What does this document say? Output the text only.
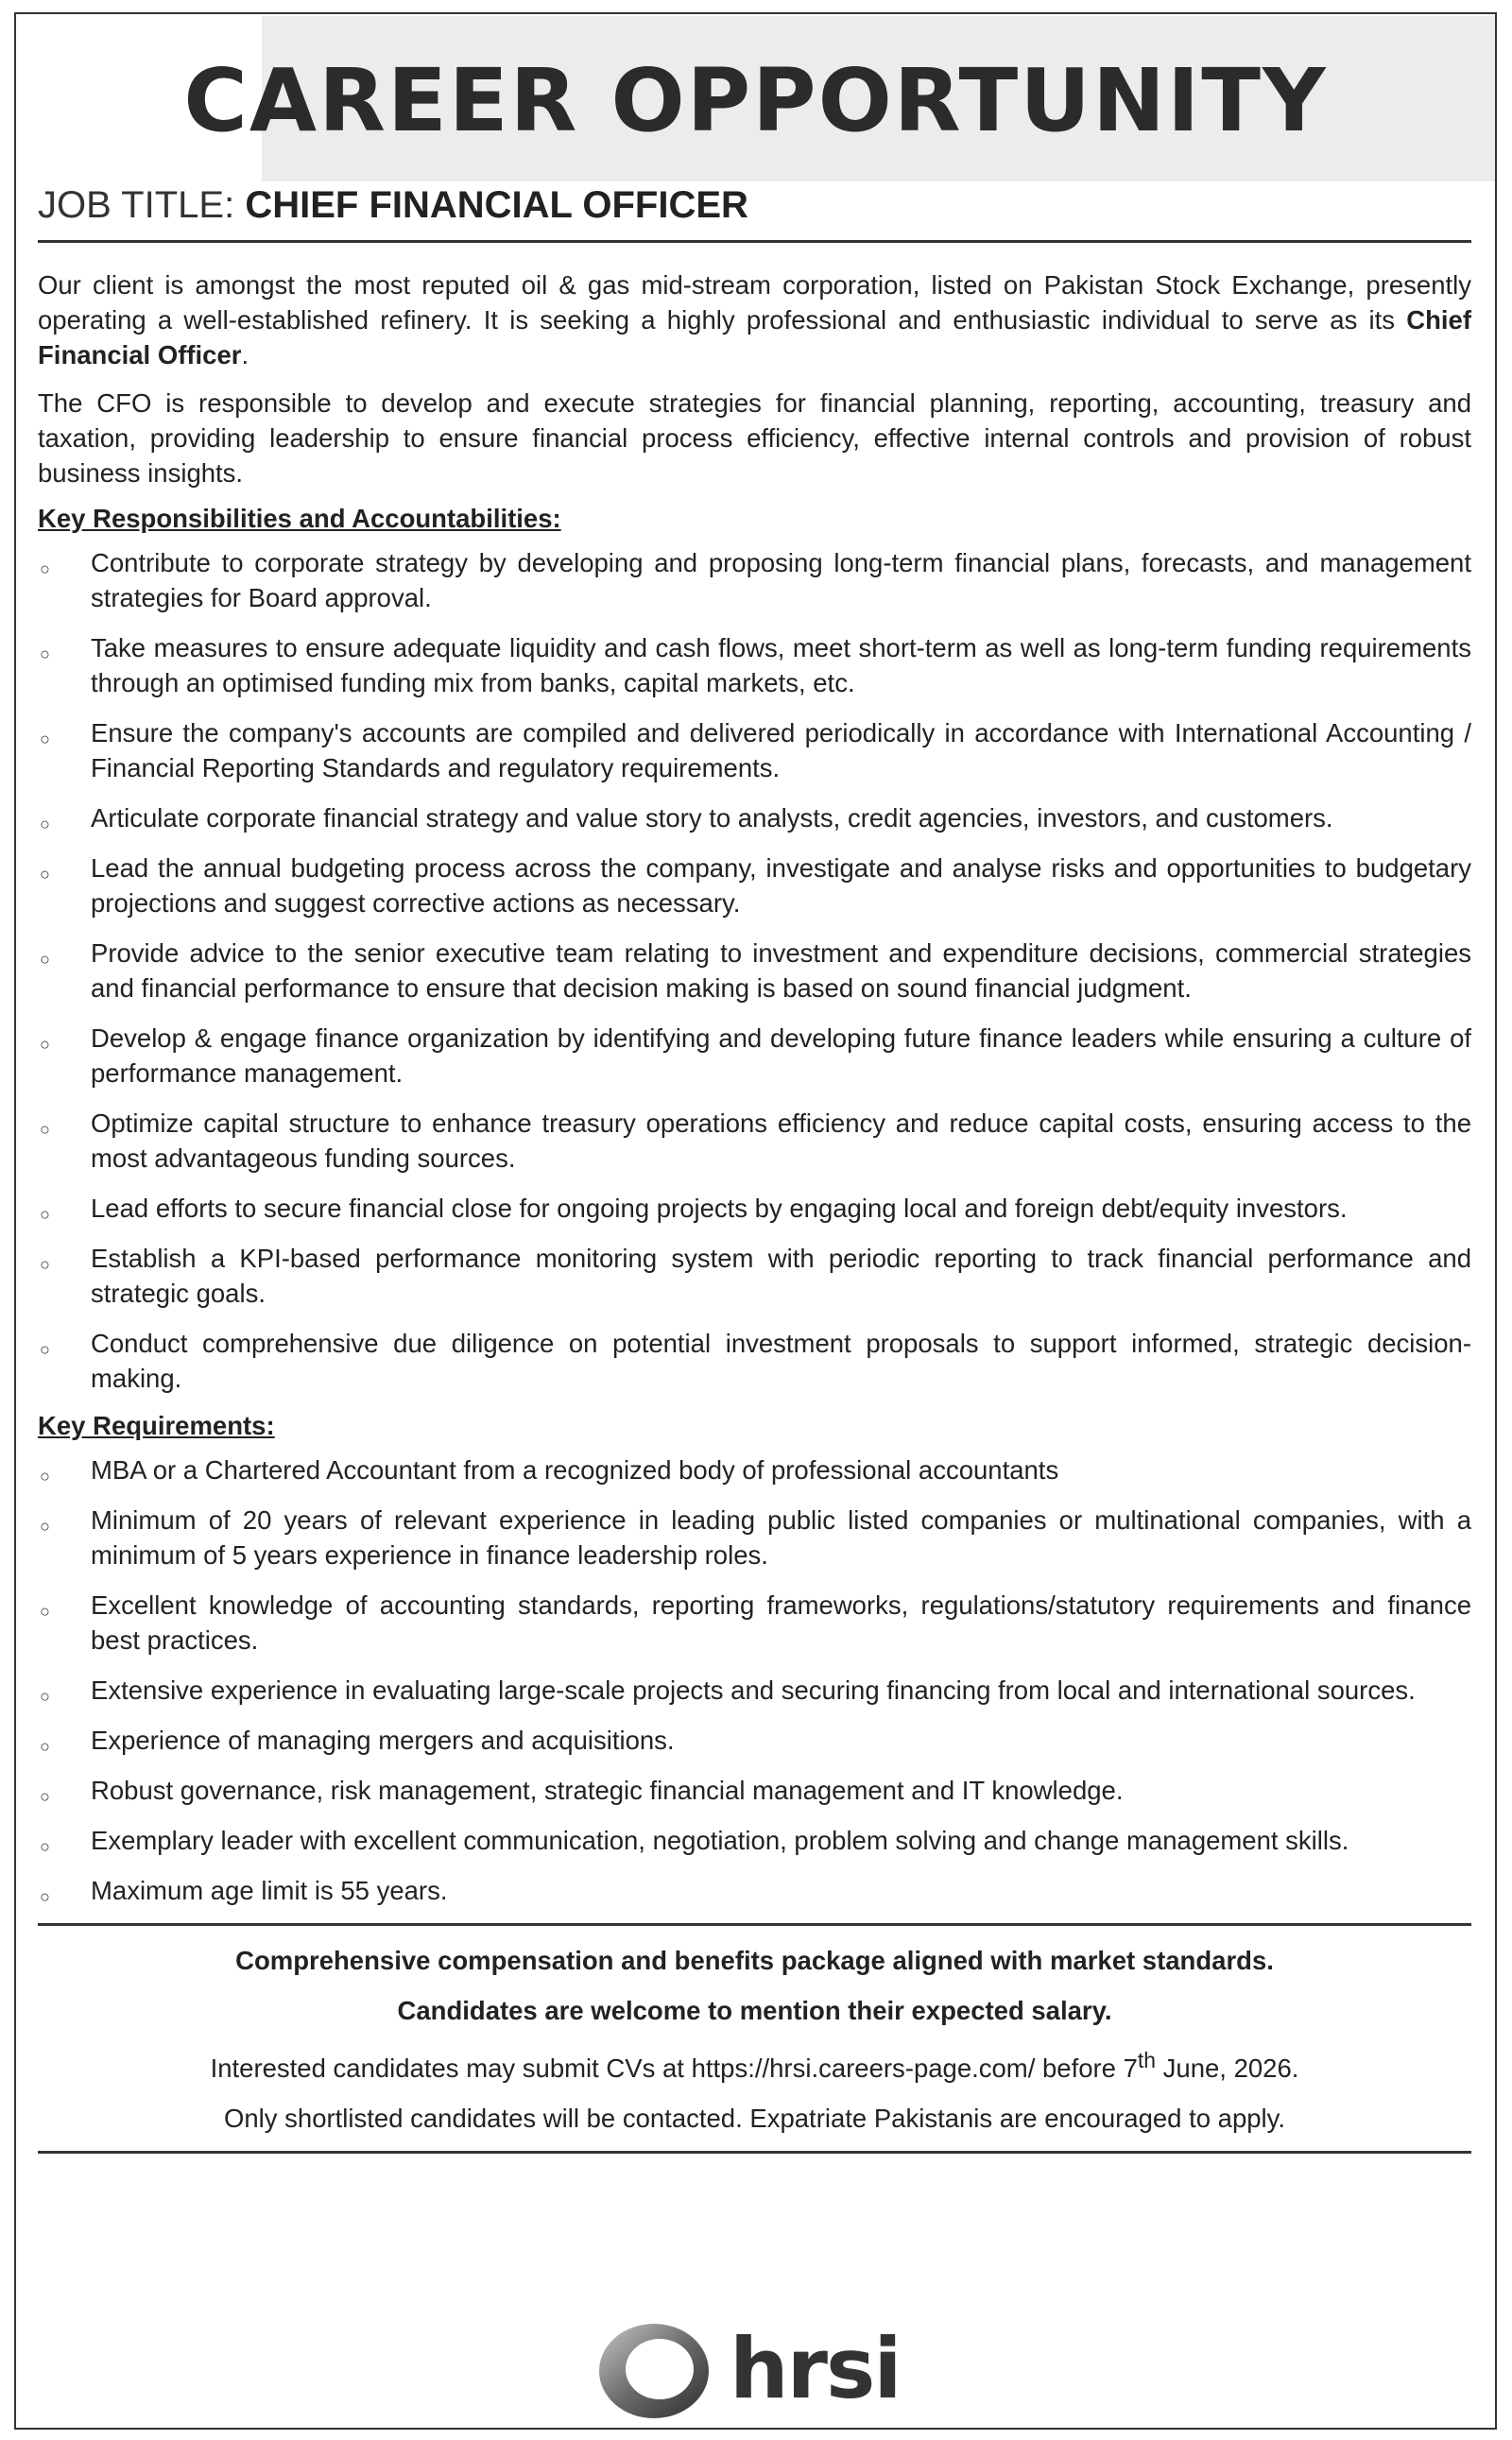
CAREER OPPORTUNITY
JOB TITLE: CHIEF FINANCIAL OFFICER

Our client is amongst the most reputed oil & gas mid-stream corporation, listed on Pakistan Stock Exchange, presently operating a well-established refinery. It is seeking a highly professional and enthusiastic individual to serve as its Chief Financial Officer.

The CFO is responsible to develop and execute strategies for financial planning, reporting, accounting, treasury and taxation, providing leadership to ensure financial process efficiency, effective internal controls and provision of robust business insights.

Key Responsibilities and Accountabilities:
○ Contribute to corporate strategy by developing and proposing long-term financial plans, forecasts, and management strategies for Board approval.
○ Take measures to ensure adequate liquidity and cash flows, meet short-term as well as long-term funding requirements through an optimised funding mix from banks, capital markets, etc.
○ Ensure the company's accounts are compiled and delivered periodically in accordance with International Accounting / Financial Reporting Standards and regulatory requirements.
○ Articulate corporate financial strategy and value story to analysts, credit agencies, investors, and customers.
○ Lead the annual budgeting process across the company, investigate and analyse risks and opportunities to budgetary projections and suggest corrective actions as necessary.
○ Provide advice to the senior executive team relating to investment and expenditure decisions, commercial strategies and financial performance to ensure that decision making is based on sound financial judgment.
○ Develop & engage finance organization by identifying and developing future finance leaders while ensuring a culture of performance management.
○ Optimize capital structure to enhance treasury operations efficiency and reduce capital costs, ensuring access to the most advantageous funding sources.
○ Lead efforts to secure financial close for ongoing projects by engaging local and foreign debt/equity investors.
○ Establish a KPI-based performance monitoring system with periodic reporting to track financial performance and strategic goals.
○ Conduct comprehensive due diligence on potential investment proposals to support informed, strategic decision-making.
Key Requirements:
○ MBA or a Chartered Accountant from a recognized body of professional accountants
○ Minimum of 20 years of relevant experience in leading public listed companies or multinational companies, with a minimum of 5 years experience in finance leadership roles.
○ Excellent knowledge of accounting standards, reporting frameworks, regulations/statutory requirements and finance best practices.
○ Extensive experience in evaluating large-scale projects and securing financing from local and international sources.
○ Experience of managing mergers and acquisitions.
○ Robust governance, risk management, strategic financial management and IT knowledge.
○ Exemplary leader with excellent communication, negotiation, problem solving and change management skills.
○ Maximum age limit is 55 years.
Comprehensive compensation and benefits package aligned with market standards.
Candidates are welcome to mention their expected salary.
Interested candidates may submit CVs at https://hrsi.careers-page.com/ before 7th June, 2026.
Only shortlisted candidates will be contacted. Expatriate Pakistanis are encouraged to apply.
hrsi
